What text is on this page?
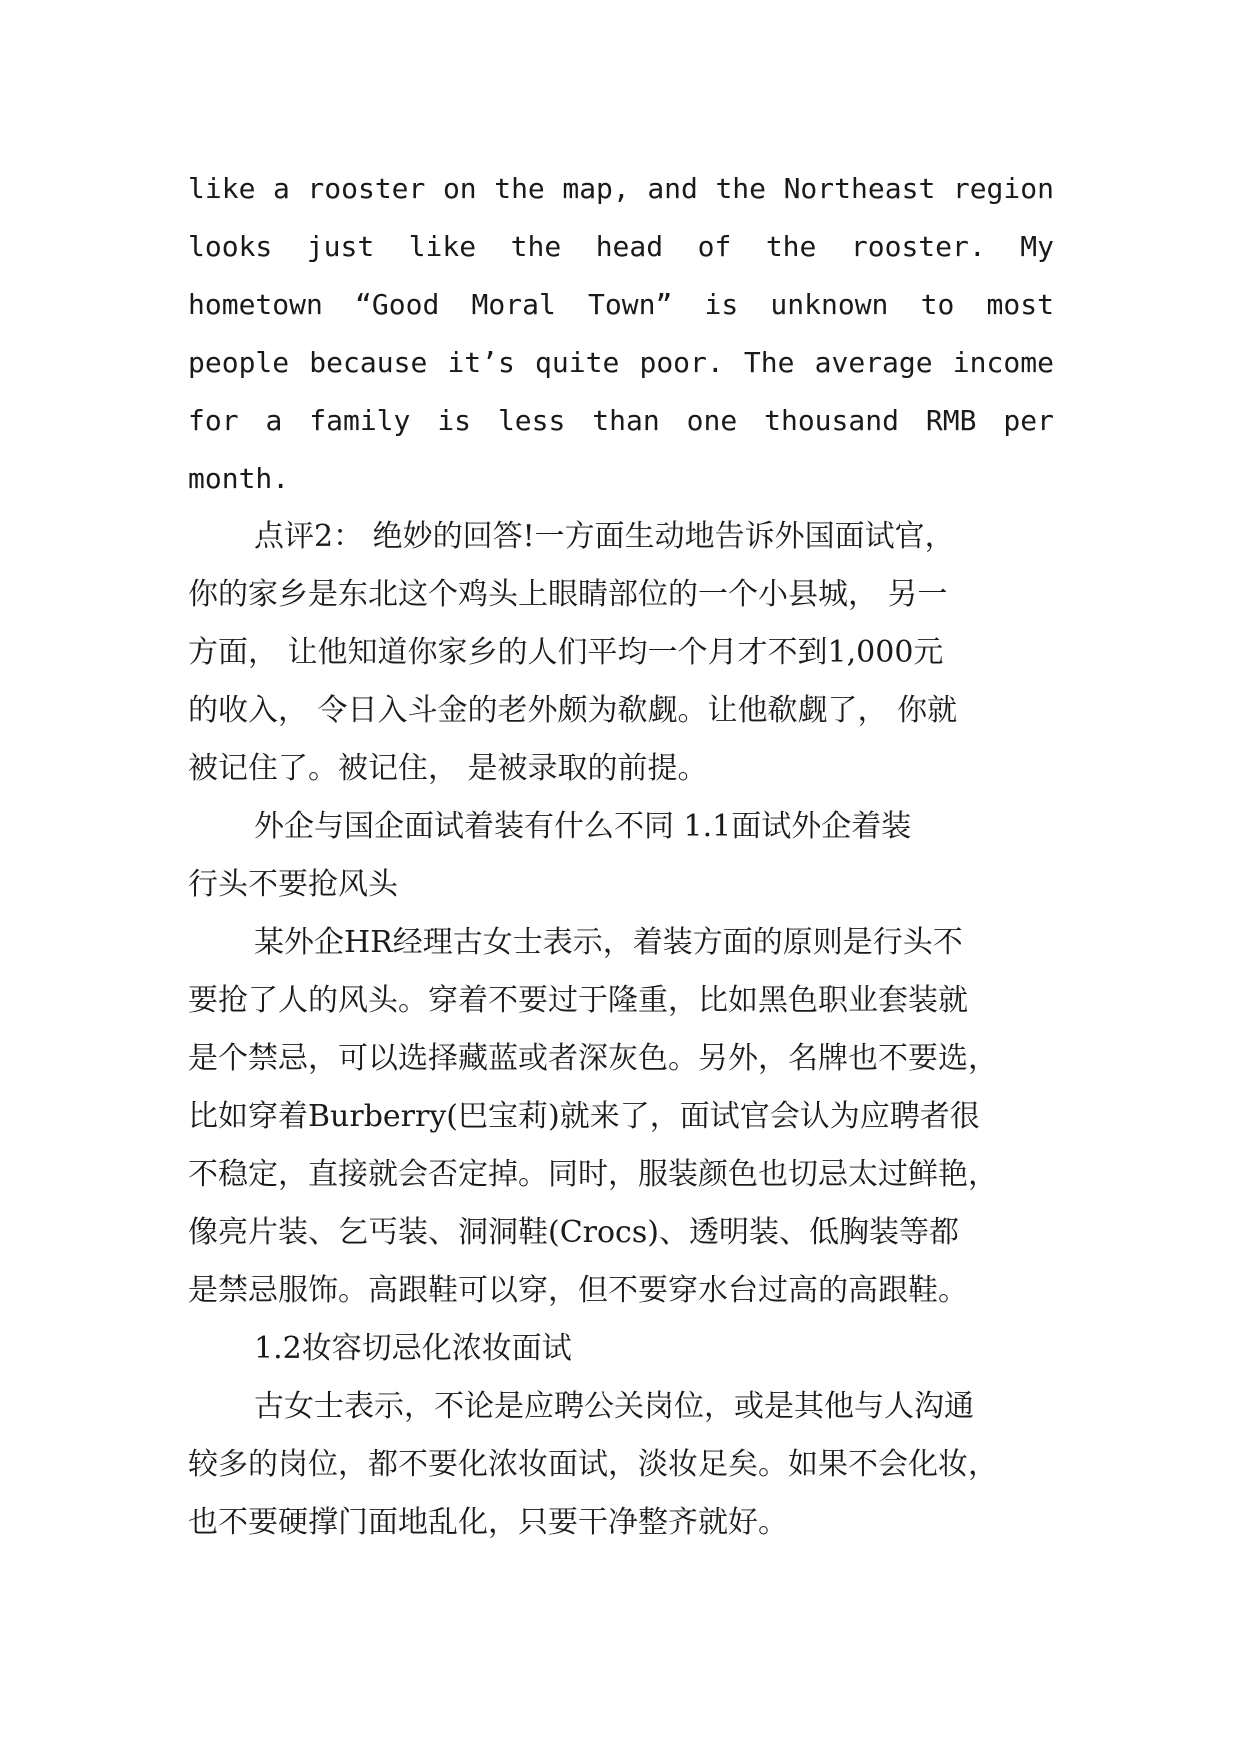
like a rooster on the map, and the Northeast region
looks just like the head of the rooster. My
hometown “Good Moral Town” is unknown to most
people because it’s quite poor. The average income
for a family is less than one thousand RMB per
month.
点评2： 绝妙的回答!一方面生动地告诉外国面试官，
你的家乡是东北这个鸡头上眼睛部位的一个小县城， 另一
方面， 让他知道你家乡的人们平均一个月才不到1,000元
的收入， 令日入斗金的老外颇为欷觑。让他欷觑了， 你就
被记住了。被记住， 是被录取的前提。
外企与国企面试着装有什么不同 1.1面试外企着装
行头不要抢风头
某外企HR经理古女士表示，着装方面的原则是行头不
要抢了人的风头。穿着不要过于隆重，比如黑色职业套装就
是个禁忌，可以选择藏蓝或者深灰色。另外，名牌也不要选，
比如穿着Burberry(巴宝莉)就来了，面试官会认为应聘者很
不稳定，直接就会否定掉。同时，服装颜色也切忌太过鲜艳，
像亮片装、乞丐装、洞洞鞋(Crocs)、透明装、低胸装等都
是禁忌服饰。高跟鞋可以穿，但不要穿水台过高的高跟鞋。
1.2妆容切忌化浓妆面试
古女士表示，不论是应聘公关岗位，或是其他与人沟通
较多的岗位，都不要化浓妆面试，淡妆足矣。如果不会化妆，
也不要硬撑门面地乱化，只要干净整齐就好。
